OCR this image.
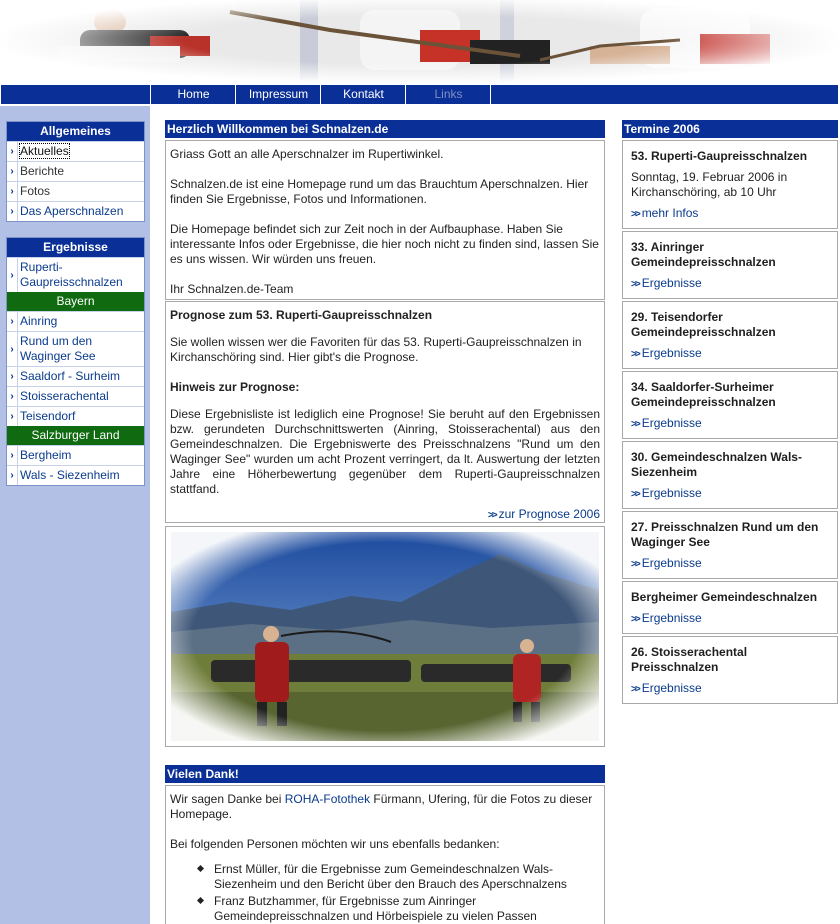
Home	Impressum	Kontakt	Links
Allgemeines
› Aktuelles
› Berichte
› Fotos
› Das Aperschnalzen
Ergebnisse
›
Ruperti-Gaupreisschnalzen
Bayern
› Ainring
›
Rund um den Waginger See
› Saaldorf - Surheim
› Stoisserachental
› Teisendorf
Salzburger Land
› Bergheim
› Wals - Siezenheim
Herzlich Willkommen bei Schnalzen.de

Griass Gott an alle Aperschnalzer im Rupertiwinkel.

Schnalzen.de ist eine Homepage rund um das Brauchtum Aperschnalzen. Hier finden Sie Ergebnisse, Fotos und Informationen.

Die Homepage befindet sich zur Zeit noch in der Aufbauphase. Haben Sie interessante Infos oder Ergebnisse, die hier noch nicht zu finden sind, lassen Sie es uns wissen. Wir würden uns freuen.

Ihr Schnalzen.de-Team

Prognose zum 53. Ruperti-Gaupreisschnalzen

Sie wollen wissen wer die Favoriten für das 53. Ruperti-Gaupreisschnalzen in Kirchanschöring sind. Hier gibt's die Prognose.

Hinweis zur Prognose:

Diese Ergebnisliste ist lediglich eine Prognose! Sie beruht auf den Ergebnissen bzw. gerundeten Durchschnittswerten (Ainring, Stoisserachental) aus den Gemeindeschnalzen. Die Ergebniswerte des Preisschnalzens "Rund um den Waginger See" wurden um acht Prozent verringert, da lt. Auswertung der letzten Jahre eine Höherbewertung gegenüber dem Ruperti-Gaupreisschnalzen stattfand.

>> zur Prognose 2006
Vielen Dank!

Wir sagen Danke bei ROHA-Fotothek Fürmann, Ufering, für die Fotos zu dieser Homepage.

Bei folgenden Personen möchten wir uns ebenfalls bedanken:

Ernst Müller, für die Ergebnisse zum Gemeindeschnalzen Wals-Siezenheim und den Bericht über den Brauch des Aperschnalzens
Franz Butzhammer, für Ergebnisse zum Ainringer Gemeindepreisschnalzen und Hörbeispiele zu vielen Passen
Termine 2006
53. Ruperti-Gaupreisschnalzen
Sonntag, 19. Februar 2006 in Kirchanschöring, ab 10 Uhr
>> mehr Infos
33. Ainringer Gemeindepreisschnalzen
>> Ergebnisse
29. Teisendorfer Gemeindepreisschnalzen
>> Ergebnisse
34. Saaldorfer-Surheimer Gemeindepreisschnalzen
>> Ergebnisse
30. Gemeindeschnalzen Wals-Siezenheim
>> Ergebnisse
27. Preisschnalzen Rund um den Waginger See
>> Ergebnisse
Bergheimer Gemeindeschnalzen
>> Ergebnisse
26. Stoisserachental Preisschnalzen
>> Ergebnisse
